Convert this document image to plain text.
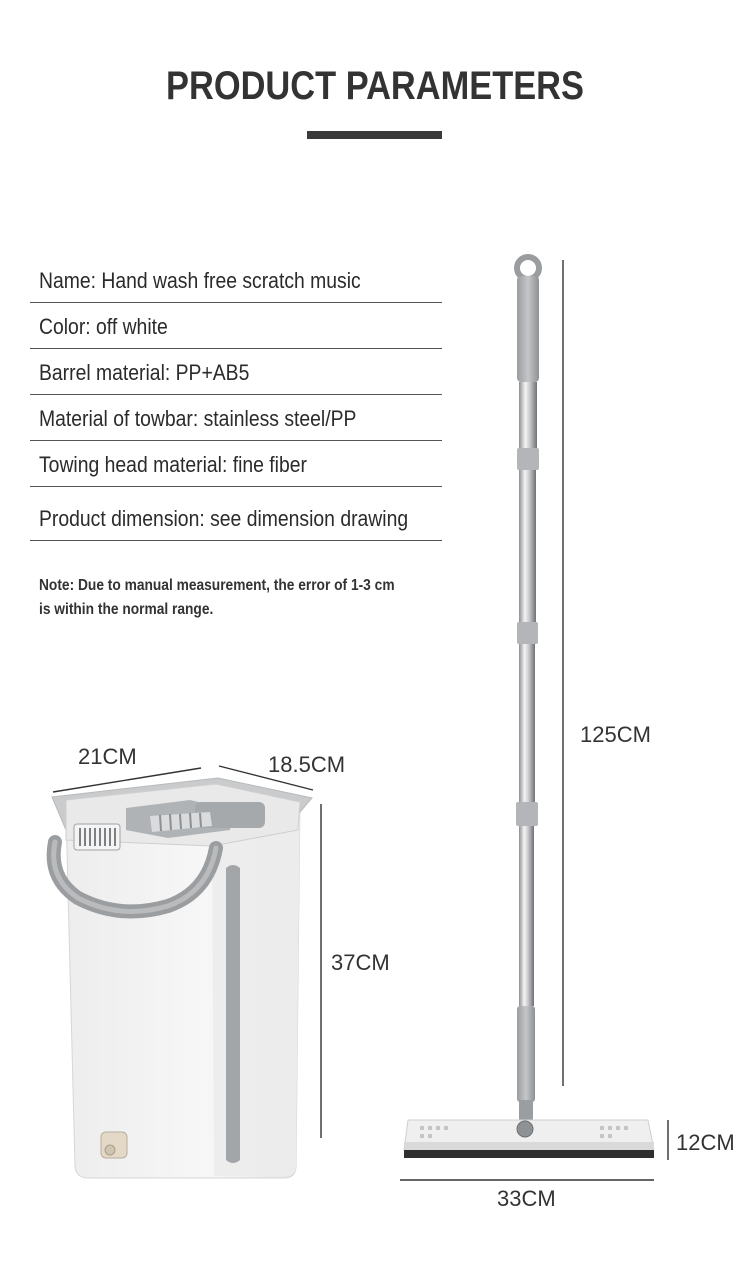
PRODUCT PARAMETERS
Name: Hand wash free scratch music
Color: off white
Barrel material: PP+AB5
Material of towbar: stainless steel/PP
Towing head material: fine fiber
Product dimension: see dimension drawing
Note: Due to manual measurement, the error of 1-3 cm
is within the normal range.
21CM	18.5CM
37CM
125CM
12CM
33CM
